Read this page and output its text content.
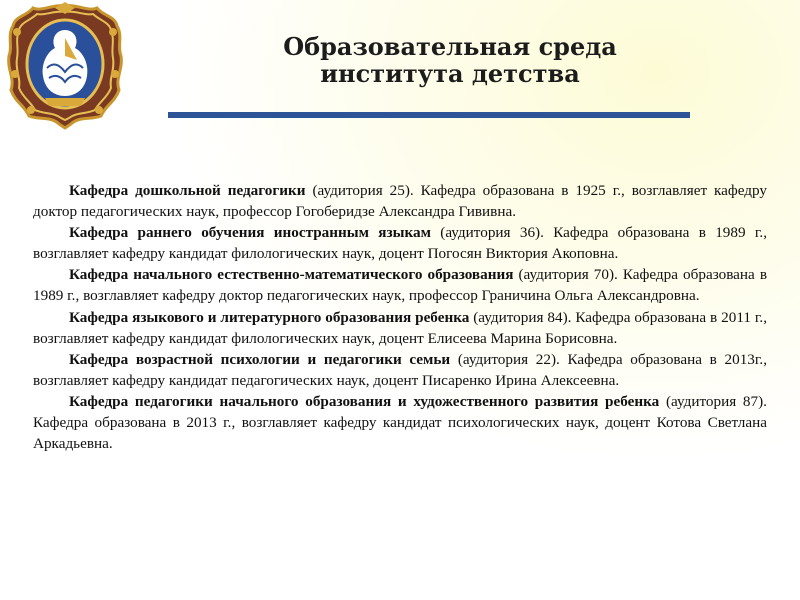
Образовательная среда
института детства

Кафедра дошкольной педагогики (аудитория 25). Кафедра образована в 1925 г., возглавляет кафедру доктор педагогических наук, профессор Гогоберидзе Александра Гививна.

Кафедра раннего обучения иностранным языкам (аудитория 36). Кафедра образована в 1989 г., возглавляет кафедру кандидат филологических наук, доцент Погосян Виктория Акоповна.

Кафедра начального естественно-математического образования (аудитория 70). Кафедра образована в 1989 г., возглавляет кафедру доктор педагогических наук, профессор Граничина Ольга Александровна.

Кафедра языкового и литературного образования ребенка (аудитория 84). Кафедра образована в 2011 г., возглавляет кафедру кандидат филологических наук, доцент Елисеева Марина Борисовна.

Кафедра возрастной психологии и педагогики семьи (аудитория 22). Кафедра образована в 2013г., возглавляет кафедру кандидат педагогических наук, доцент Писаренко Ирина Алексеевна.

Кафедра педагогики начального образования и художественного развития ребенка (аудитория 87). Кафедра образована в 2013 г., возглавляет кафедру кандидат психологических наук, доцент Котова Светлана Аркадьевна.
